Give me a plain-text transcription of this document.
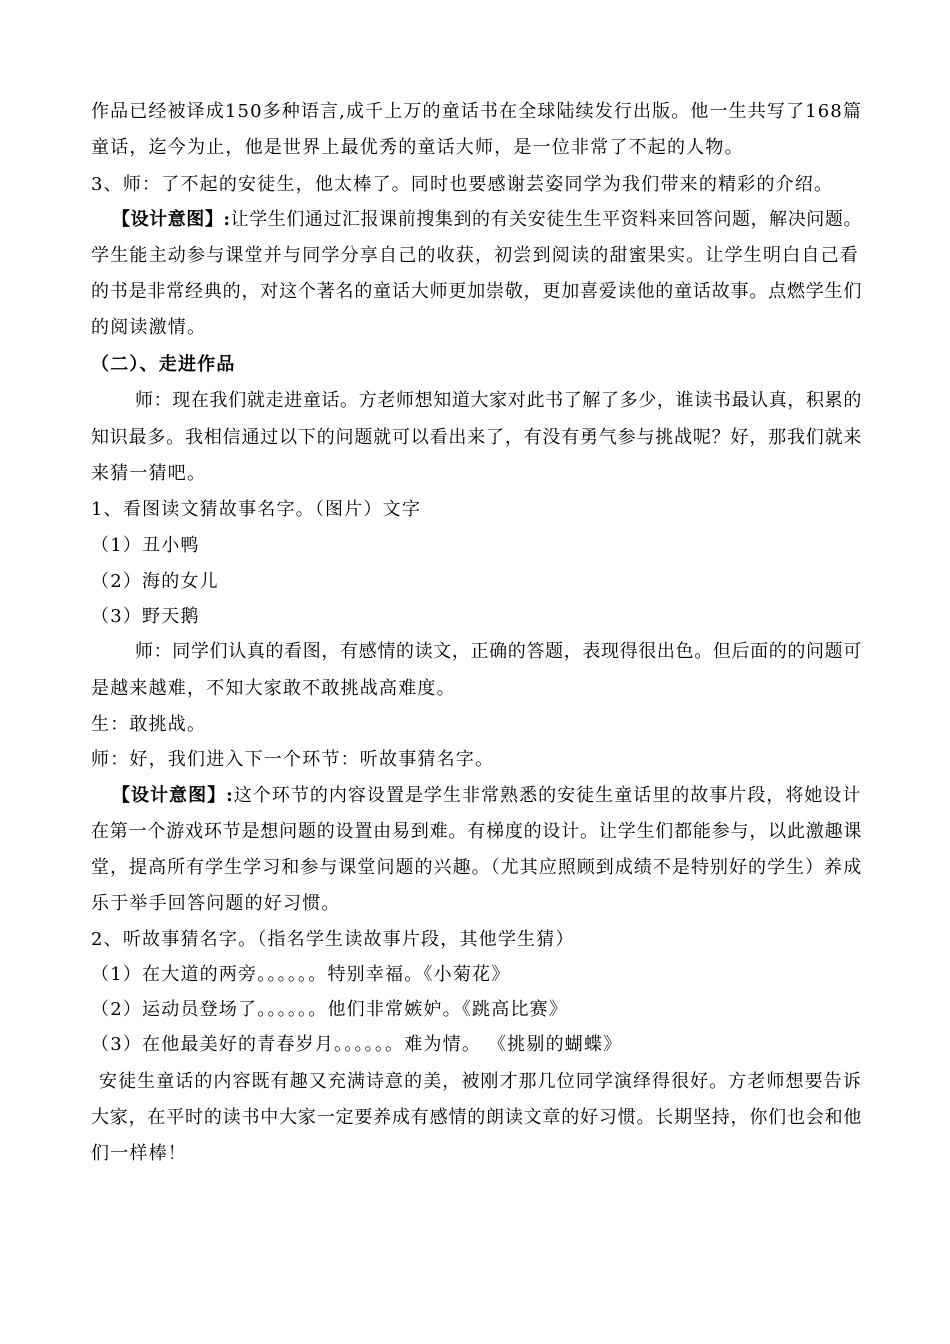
作品已经被译成150多种语言,成千上万的童话书在全球陆续发行出版。他一生共写了168篇
童话，迄今为止，他是世界上最优秀的童话大师，是一位非常了不起的人物。
3、师：了不起的安徒生，他太棒了。同时也要感谢芸姿同学为我们带来的精彩的介绍。
【设计意图】:让学生们通过汇报课前搜集到的有关安徒生生平资料来回答问题，解决问题。
学生能主动参与课堂并与同学分享自己的收获，初尝到阅读的甜蜜果实。让学生明白自己看
的书是非常经典的，对这个著名的童话大师更加崇敬，更加喜爱读他的童话故事。点燃学生们
的阅读激情。
（二）、走进作品
师：现在我们就走进童话。方老师想知道大家对此书了解了多少，谁读书最认真，积累的
知识最多。我相信通过以下的问题就可以看出来了，有没有勇气参与挑战呢？好，那我们就来
来猜一猜吧。
1、看图读文猜故事名字。（图片）文字
（1）丑小鸭
（2）海的女儿
（3）野天鹅
师：同学们认真的看图，有感情的读文，正确的答题，表现得很出色。但后面的的问题可
是越来越难，不知大家敢不敢挑战高难度。
生：敢挑战。
师：好，我们进入下一个环节：听故事猜名字。
【设计意图】:这个环节的内容设置是学生非常熟悉的安徒生童话里的故事片段，将她设计
在第一个游戏环节是想问题的设置由易到难。有梯度的设计。让学生们都能参与，以此激趣课
堂，提高所有学生学习和参与课堂问题的兴趣。（尤其应照顾到成绩不是特别好的学生）养成
乐于举手回答问题的好习惯。
2、听故事猜名字。（指名学生读故事片段，其他学生猜）
（1）在大道的两旁。。。。。。特别幸福。《小菊花》
（2）运动员登场了。。。。。。他们非常嫉妒。《跳高比赛》
（3）在他最美好的青春岁月。。。。。。难为情。 《挑剔的蝴蝶》
安徒生童话的内容既有趣又充满诗意的美，被刚才那几位同学演绎得很好。方老师想要告诉
大家，在平时的读书中大家一定要养成有感情的朗读文章的好习惯。长期坚持，你们也会和他
们一样棒！
